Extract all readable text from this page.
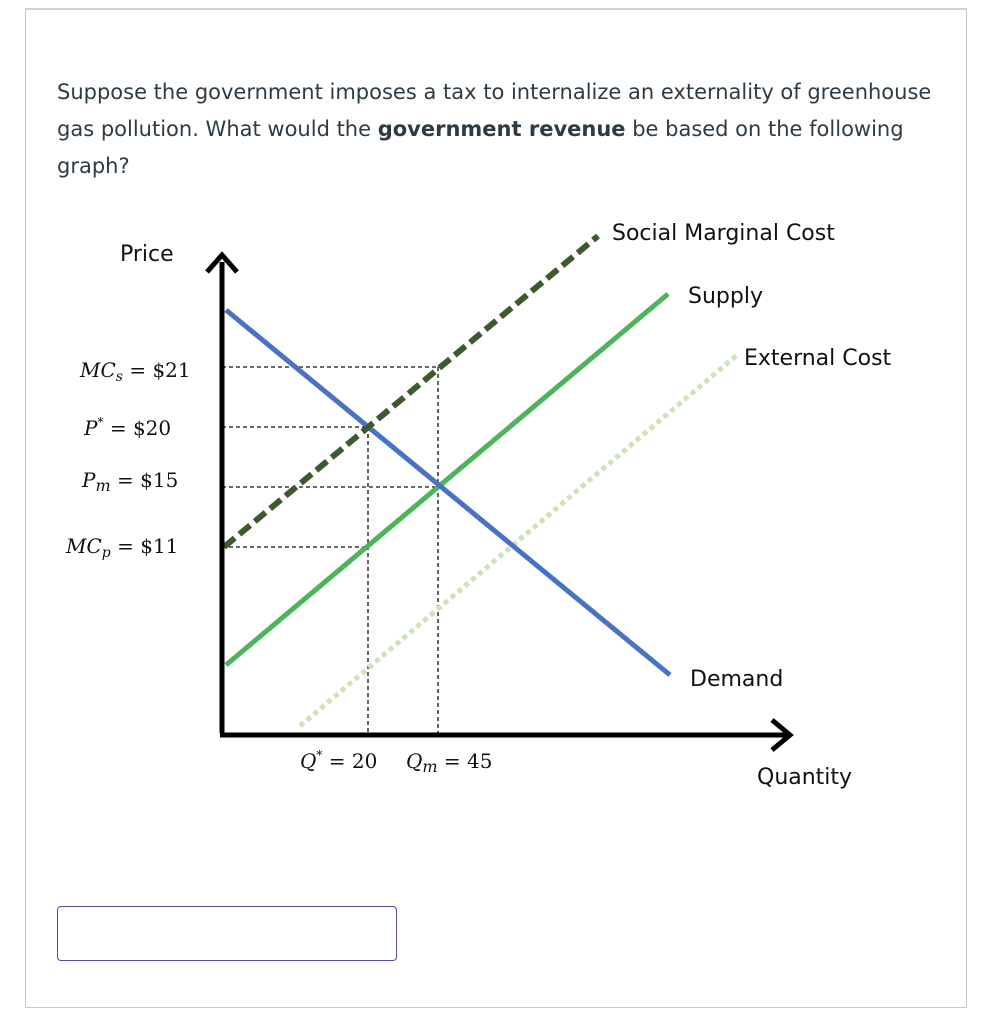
Suppose the government imposes a tax to internalize an externality of greenhouse gas pollution. What would the government revenue be based on the following graph?
Price
Quantity
Social Marginal Cost
Supply
External Cost
Demand
$MC_s$ = $21
P* = $20
$P_m$ = $15
$MC_p$ = $11
Q* = 20 $Q_m = 45$
